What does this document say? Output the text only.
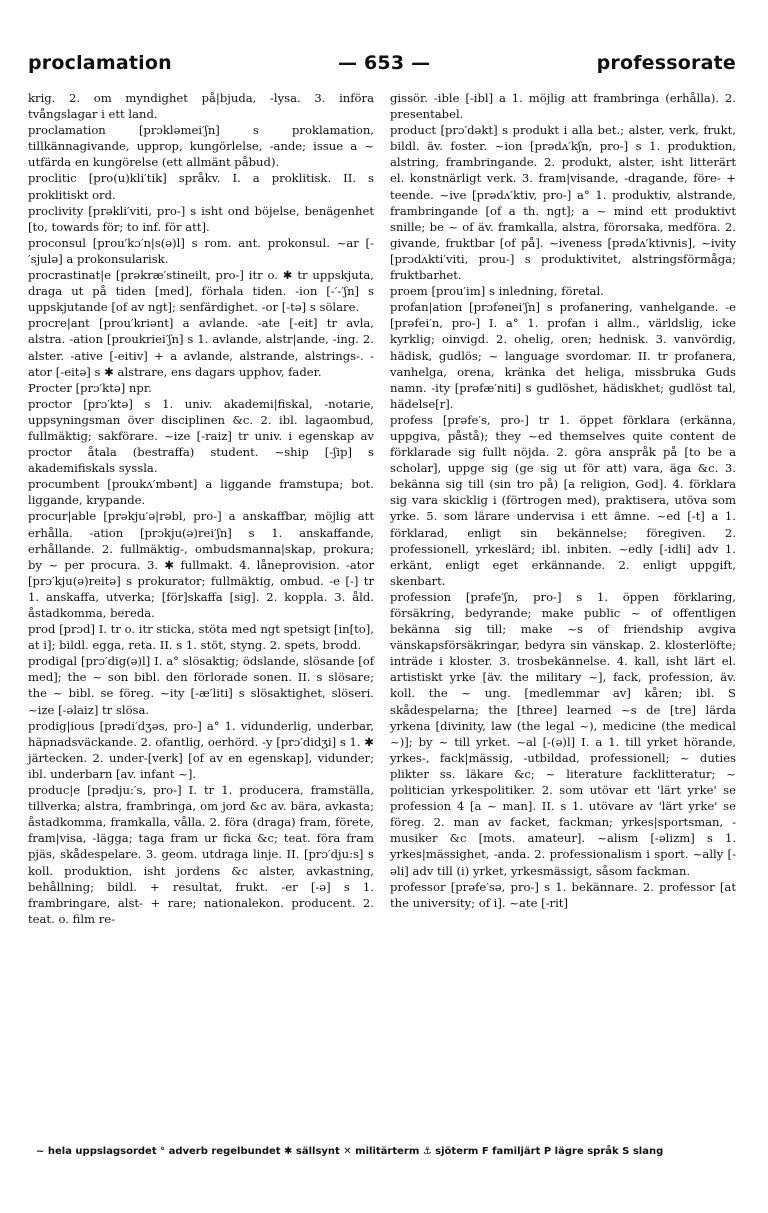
proclamation	— 653 —	professorate

krig. 2. om myndighet på|bjuda, -lysa. 3. införa tvångslagar i ett land.

proclamation [prɔkləmei′ʃn] s proklamation, tillkännagivande, upprop, kungörlelse, -ande; issue a ~ utfärda en kungörelse (ett allmänt påbud).

proclitic [pro(u)kli′tik] språkv. I. a proklitisk. II. s proklitiskt ord.

proclivity [prəkli′viti, pro-] s isht ond böjelse, benägenhet [to, towards för; to inf. för att].

proconsul [prou′kɔ′n|s(ə)l] s rom. ant. prokonsul. ~ar [-′sjulə] a prokonsularisk.

procrastinat|e [prəkræ′stineilt, pro-] itr o. ✱ tr uppskjuta, draga ut på tiden [med], förhala tiden. -ion [-′-′ʃn] s uppskjutande [of av ngt]; senfärdighet. -or [-tə] s sölare.

procre|ant [prou′kriənt] a avlande. -ate [-eit] tr avla, alstra. -ation [proukriei′ʃn] s 1. avlande, alstr|ande, -ing. 2. alster. -ative [-eitiv] + a avlande, alstrande, alstrings-. -ator [-eitə] s ✱ alstrare, ens dagars upphov, fader.

Procter [prɔ′ktə] npr.

proctor [prɔ′ktə] s 1. univ. akademi|fiskal, -notarie, uppsyningsman över disciplinen &c. 2. ibl. lagaombud, fullmäktig; sakförare. ~ize [-raiz] tr univ. i egenskap av proctor åtala (bestraffa) student. ~ship [-ʃip] s akademifiskals syssla.

procumbent [proukʌ′mbənt] a liggande framstupa; bot. liggande, krypande.

procur|able [prəkju′ə|rəbl, pro-] a anskaffbar, möjlig att erhålla. -ation [prɔkju(ə)rei′ʃn] s 1. anskaffande, erhållande. 2. fullmäktig-, ombudsmanna|skap, prokura; by ~ per procura. 3. ✱ fullmakt. 4. låneprovision. -ator [prɔ′kju(ə)reitə] s prokurator; fullmäktig, ombud. -e [-] tr 1. anskaffa, utverka; [för]skaffa [sig]. 2. koppla. 3. åld. åstadkomma, bereda.

prod [prɔd] I. tr o. itr sticka, stöta med ngt spetsigt [in[to], at i]; bildl. egga, reta. II. s 1. stöt, styng. 2. spets, brodd.

prodigal [prɔ′dig(ə)l] I. a° slösaktig; ödslande, slösande [of med]; the ~ son bibl. den förlorade sonen. II. s slösare; the ~ bibl. se föreg. ~ity [-æ′liti] s slösaktighet, slöseri. ~ize [-əlaiz] tr slösa.

prodig|ious [prədi′dʒəs, pro-] a° 1. vidunderlig, underbar, häpnadsväckande. 2. ofantlig, oerhörd. -y [prɔ′didʒi] s 1. ✱ järtecken. 2. under-[verk] [of av en egenskap], vidunder; ibl. underbarn [av. infant ~].

produc|e [prədju:′s, pro-] I. tr 1. producera, framställa, tillverka; alstra, frambringa, om jord &c av. bära, avkasta; åstadkomma, framkalla, vålla. 2. föra (draga) fram, förete, fram|visa, -lägga; taga fram ur ficka &c; teat. föra fram pjäs, skådespelare. 3. geom. utdraga linje. II. [prɔ′dju:s] s koll. produktion, isht jordens &c alster, avkastning, behållning; bildl. + resultat, frukt. -er [-ə] s 1. frambringare, alst- + rare; nationalekon. producent. 2. teat. o. film re-

gissör. -ible [-ibl] a 1. möjlig att frambringa (erhålla). 2. presentabel.

product [prɔ′dəkt] s produkt i alla bet.; alster, verk, frukt, bildl. äv. foster. ~ion [prədʌ′kʃn, pro-] s 1. produktion, alstring, frambringande. 2. produkt, alster, isht litterärt el. konstnärligt verk. 3. fram|visande, -dragande, före- + teende. ~ive [prədʌ′ktiv, pro-] a° 1. produktiv, alstrande, frambringande [of a th. ngt]; a ~ mind ett produktivt snille; be ~ of äv. framkalla, alstra, förorsaka, medföra. 2. givande, fruktbar [of på]. ~iveness [prədʌ′ktivnis], ~ivity [prɔdʌkti′viti, prou-] s produktivitet, alstringsförmåga; fruktbarhet.

proem [prou′im] s inledning, företal.

profan|ation [prɔfənei′ʃn] s profanering, vanhelgande. -e [prəfei′n, pro-] I. a° 1. profan i allm., världslig, icke kyrklig; oinvigd. 2. ohelig, oren; hednisk. 3. vanvördig, hädisk, gudlös; ~ language svordomar. II. tr profanera, vanhelga, orena, kränka det heliga, missbruka Guds namn. -ity [prəfæ′niti] s gudlöshet, hädiskhet; gudlöst tal, hädelse[r].

profess [prəfe′s, pro-] tr 1. öppet förklara (erkänna, uppgiva, påstå); they ~ed themselves quite content de förklarade sig fullt nöjda. 2. göra anspråk på [to be a scholar], uppge sig (ge sig ut för att) vara, äga &c. 3. bekänna sig till (sin tro på) [a religion, God]. 4. förklara sig vara skicklig i (förtrogen med), praktisera, utöva som yrke. 5. som lärare undervisa i ett ämne. ~ed [-t] a 1. förklarad, enligt sin bekännelse; föregiven. 2. professionell, yrkeslärd; ibl. inbiten. ~edly [-idli] adv 1. erkänt, enligt eget erkännande. 2. enligt uppgift, skenbart.

profession [prəfe′ʃn, pro-] s 1. öppen förklaring, försäkring, bedyrande; make public ~ of offentligen bekänna sig till; make ~s of friendship avgiva vänskapsförsäkringar, bedyra sin vänskap. 2. klosterlöfte; inträde i kloster. 3. trosbekännelse. 4. kall, isht lärt el. artistiskt yrke [äv. the military ~], fack, profession, äv. koll. the ~ ung. [medlemmar av] kåren; ibl. S skådespelarna; the [three] learned ~s de [tre] lärda yrkena [divinity, law (the legal ~), medicine (the medical ~)]; by ~ till yrket. ~al [-(ə)l] I. a 1. till yrket hörande, yrkes-, fack|mässig, -utbildad, professionell; ~ duties plikter ss. läkare &c; ~ literature facklitteratur; ~ politician yrkespolitiker. 2. som utövar ett 'lärt yrke' se profession 4 [a ~ man]. II. s 1. utövare av 'lärt yrke' se föreg. 2. man av facket, fackman; yrkes|sportsman, -musiker &c [mots. amateur]. ~alism [-əlizm] s 1. yrkes|mässighet, -anda. 2. professionalism i sport. ~ally [-əli] adv till (i) yrket, yrkesmässigt, såsom fackman.

professor [prəfe′sə, pro-] s 1. bekännare. 2. professor [at the university; of i]. ~ate [-rit]

~ hela uppslagsordet ° adverb regelbundet ✱ sällsynt ✕ militärterm ⚓ sjöterm F familjärt P lägre språk S slang
